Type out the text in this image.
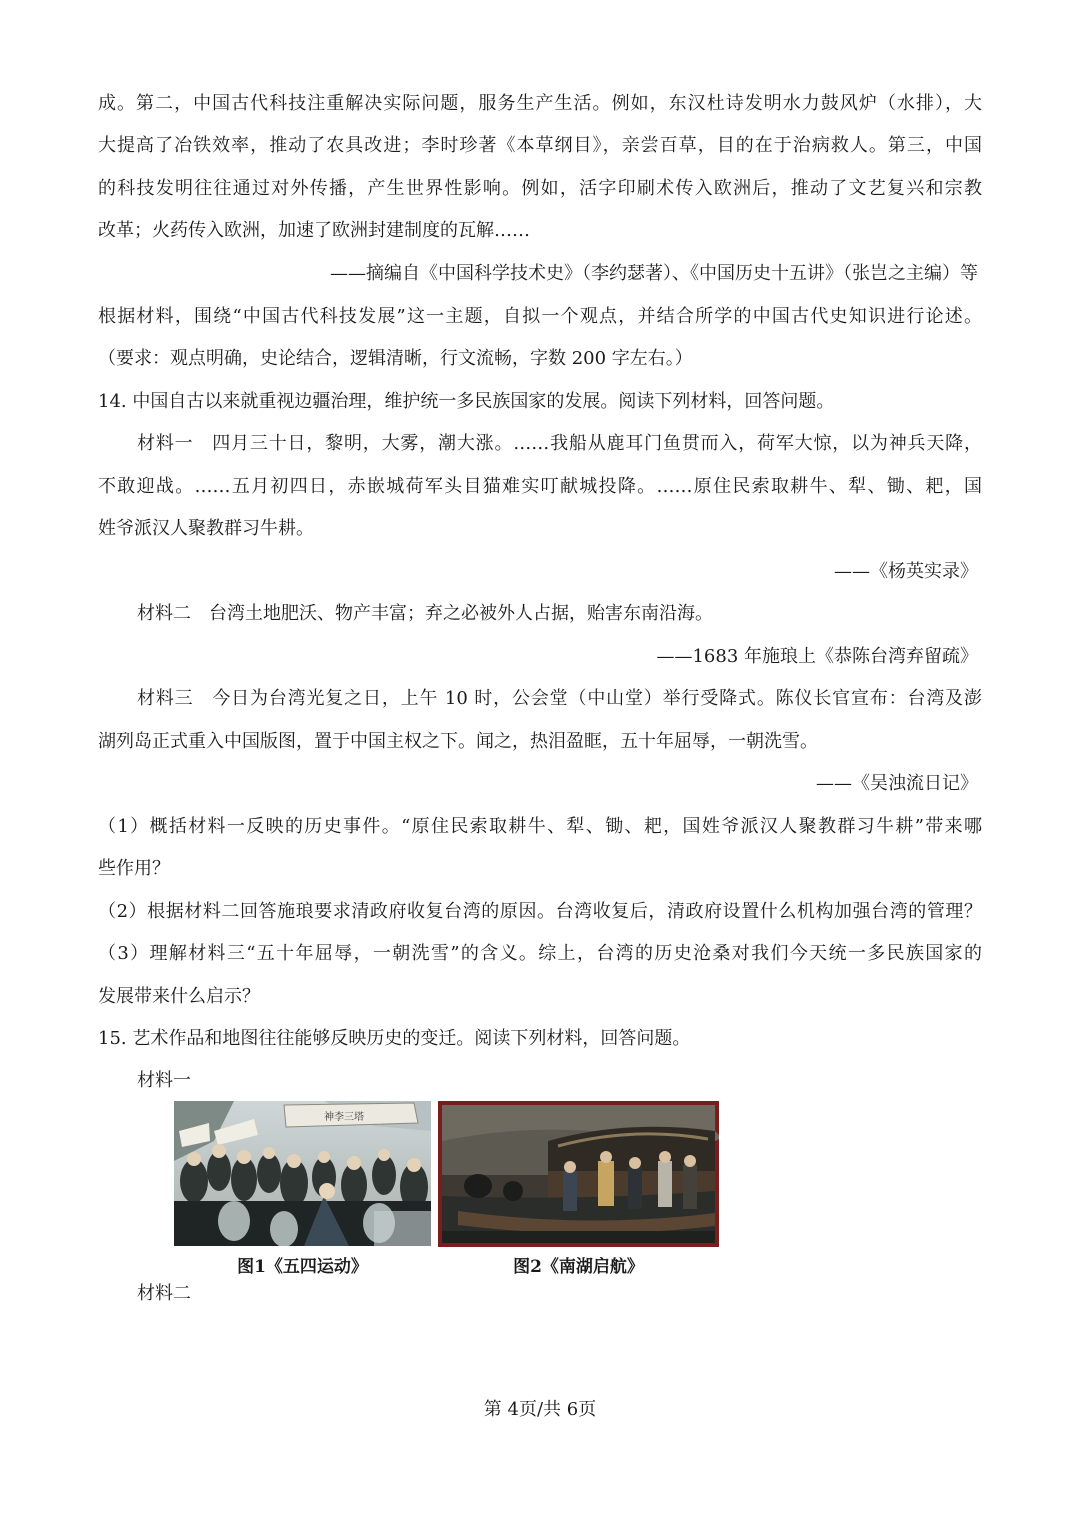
成。第二，中国古代科技注重解决实际问题，服务生产生活。例如，东汉杜诗发明水力鼓风炉（水排），大
大提高了冶铁效率，推动了农具改进；李时珍著《本草纲目》，亲尝百草，目的在于治病救人。第三，中国
的科技发明往往通过对外传播，产生世界性影响。例如，活字印刷术传入欧洲后，推动了文艺复兴和宗教
改革；火药传入欧洲，加速了欧洲封建制度的瓦解……
——摘编自《中国科学技术史》（李约瑟著）、《中国历史十五讲》（张岂之主编）等
根据材料，围绕“中国古代科技发展”这一主题，自拟一个观点，并结合所学的中国古代史知识进行论述。
（要求：观点明确，史论结合，逻辑清晰，行文流畅，字数 200 字左右。）
14. 中国自古以来就重视边疆治理，维护统一多民族国家的发展。阅读下列材料，回答问题。
材料一　四月三十日，黎明，大雾，潮大涨。……我船从鹿耳门鱼贯而入，荷军大惊，以为神兵天降，
不敢迎战。……五月初四日，赤嵌城荷军头目猫难实叮献城投降。……原住民索取耕牛、犁、锄、耙，国
姓爷派汉人聚教群习牛耕。
——《杨英实录》
材料二　台湾土地肥沃、物产丰富；弃之必被外人占据，贻害东南沿海。
——1683 年施琅上《恭陈台湾弃留疏》
材料三　今日为台湾光复之日，上午 10 时，公会堂（中山堂）举行受降式。陈仪长官宣布：台湾及澎
湖列岛正式重入中国版图，置于中国主权之下。闻之，热泪盈眶，五十年屈辱，一朝洗雪。
——《吴浊流日记》
（1）概括材料一反映的历史事件。“原住民索取耕牛、犁、锄、耙，国姓爷派汉人聚教群习牛耕”带来哪
些作用？
（2）根据材料二回答施琅要求清政府收复台湾的原因。台湾收复后，清政府设置什么机构加强台湾的管理？
（3）理解材料三“五十年屈辱，一朝洗雪”的含义。综上，台湾的历史沧桑对我们今天统一多民族国家的
发展带来什么启示？
15. 艺术作品和地图往往能够反映历史的变迁。阅读下列材料，回答问题。
材料一
神李三塔
图1《五四运动》	图2《南湖启航》
材料二
第 4页/共 6页
